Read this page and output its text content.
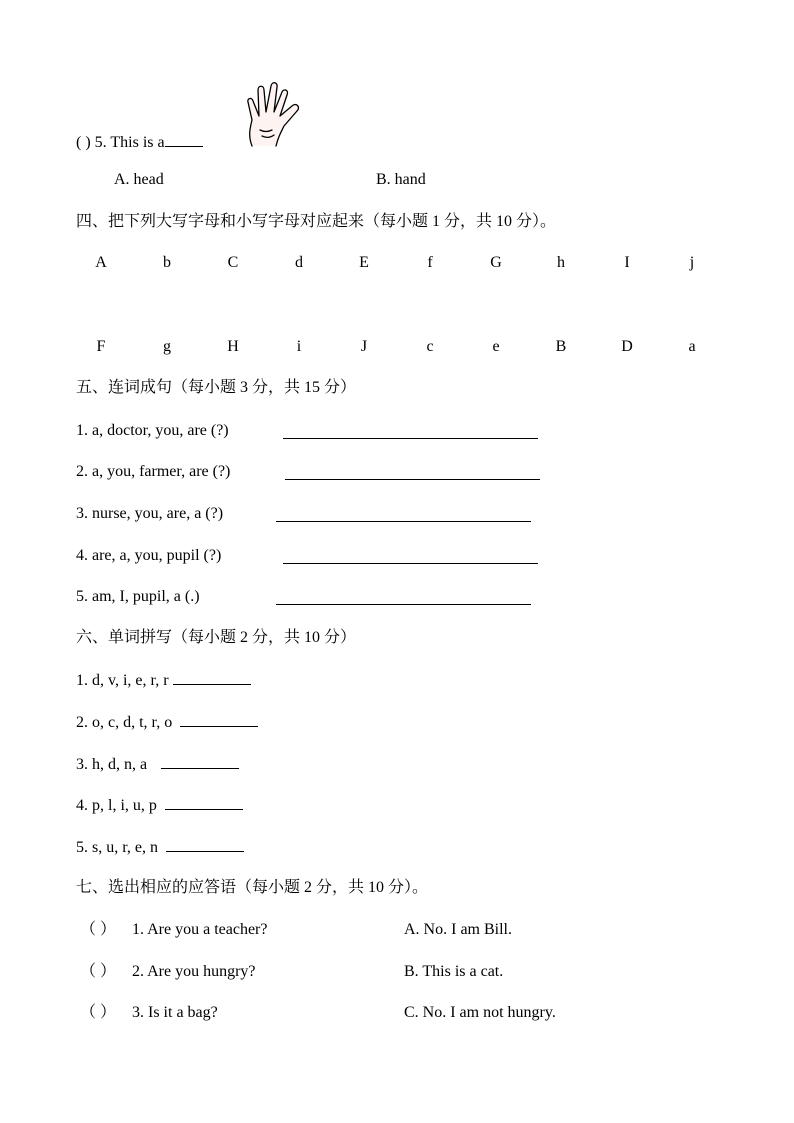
( ) 5. This is a
A. head	B. hand
四、把下列大写字母和小写字母对应起来（每小题 1 分，共 10 分）。
A	b	C	d	E	f	G	h	I	j
F	g	H	i	J	c	e	B	D	a
五、连词成句（每小题 3 分，共 15 分）
1. a, doctor, you, are (?)
2. a, you, farmer, are (?)
3. nurse, you, are, a (?)
4. are, a, you, pupil (?)
5. am, I, pupil, a (.)
六、单词拼写（每小题 2 分，共 10 分）
1. d, v, i, e, r, r
2. o, c, d, t, r, o
3. h, d, n, a
4. p, l, i, u, p
5. s, u, r, e, n
七、选出相应的应答语（每小题 2 分，共 10 分）。
（ ） 1. Are you a teacher?	A. No. I am Bill.
（ ） 2. Are you hungry?	B. This is a cat.
（ ） 3. Is it a bag?	C. No. I am not hungry.
